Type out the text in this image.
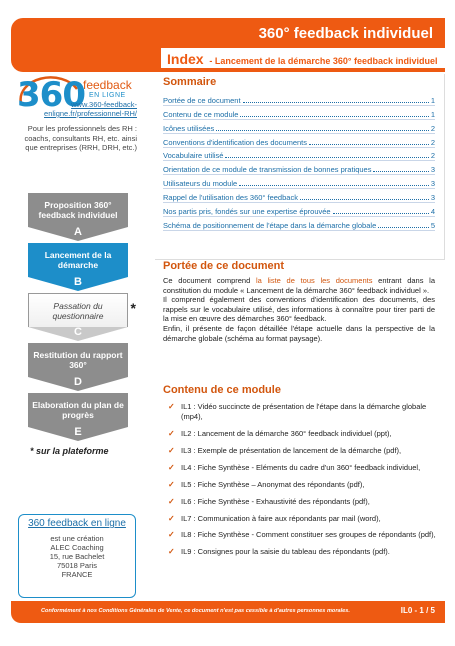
360° feedback individuel
Index - Lancement de la démarche 360° feedback individuel
360
feedback
EN LIGNE
www.360-feedback-enligne.fr/professionnel-RH/
Pour les professionnels des RH : coachs, consultants RH, etc. ainsi que entreprises (RRH, DRH, etc.)
Proposition 360° feedback individuel
A
Lancement de la démarche
B
Passation du questionnaire
C
*
Restitution du rapport 360°
D
Elaboration du plan de progrès
E
* sur la plateforme
360 feedback en ligne
est une création
ALEC Coaching
15, rue Bachelet
75018 Paris
FRANCE
Sommaire
Portée de ce document	1
Contenu de ce module	1
Icônes utilisées	2
Conventions d'identification des documents	2
Vocabulaire utilisé	2
Orientation de ce module de transmission de bonnes pratiques	3
Utilisateurs du module	3
Rappel de l'utilisation des 360° feedback	3
Nos partis pris, fondés sur une expertise éprouvée	4
Schéma de positionnement de l'étape dans la démarche globale	5
Portée de ce document
Ce document comprend la liste de tous les documents entrant dans la constitution du module « Lancement de la démarche 360° feedback individuel ».
Il comprend également des conventions d'identification des documents, des rappels sur le vocabulaire utilisé, des informations à connaître pour tirer parti de la mise en œuvre des démarches 360° feedback.
Enfin, il présente de façon détaillée l'étape actuelle dans la perspective de la démarche globale (schéma au format paysage).
Contenu de ce module
✓ IL1 : Vidéo succincte de présentation de l'étape dans la démarche globale (mp4),
✓ IL2 : Lancement de la démarche 360° feedback individuel (ppt),
✓ IL3 : Exemple de présentation de lancement de la démarche (pdf),
✓ IL4 : Fiche Synthèse - Eléments du cadre d'un 360° feedback individuel,
✓ IL5 : Fiche Synthèse – Anonymat des répondants (pdf),
✓ IL6 : Fiche Synthèse - Exhaustivité des répondants (pdf),
✓ IL7 : Communication à faire aux répondants par mail (word),
✓ IL8 : Fiche Synthèse - Comment constituer ses groupes de répondants (pdf),
✓ IL9 : Consignes pour la saisie du tableau des répondants (pdf).
Conformément à nos Conditions Générales de Vente, ce document n'est pas cessible à d'autres personnes morales.	IL0 - 1 / 5
